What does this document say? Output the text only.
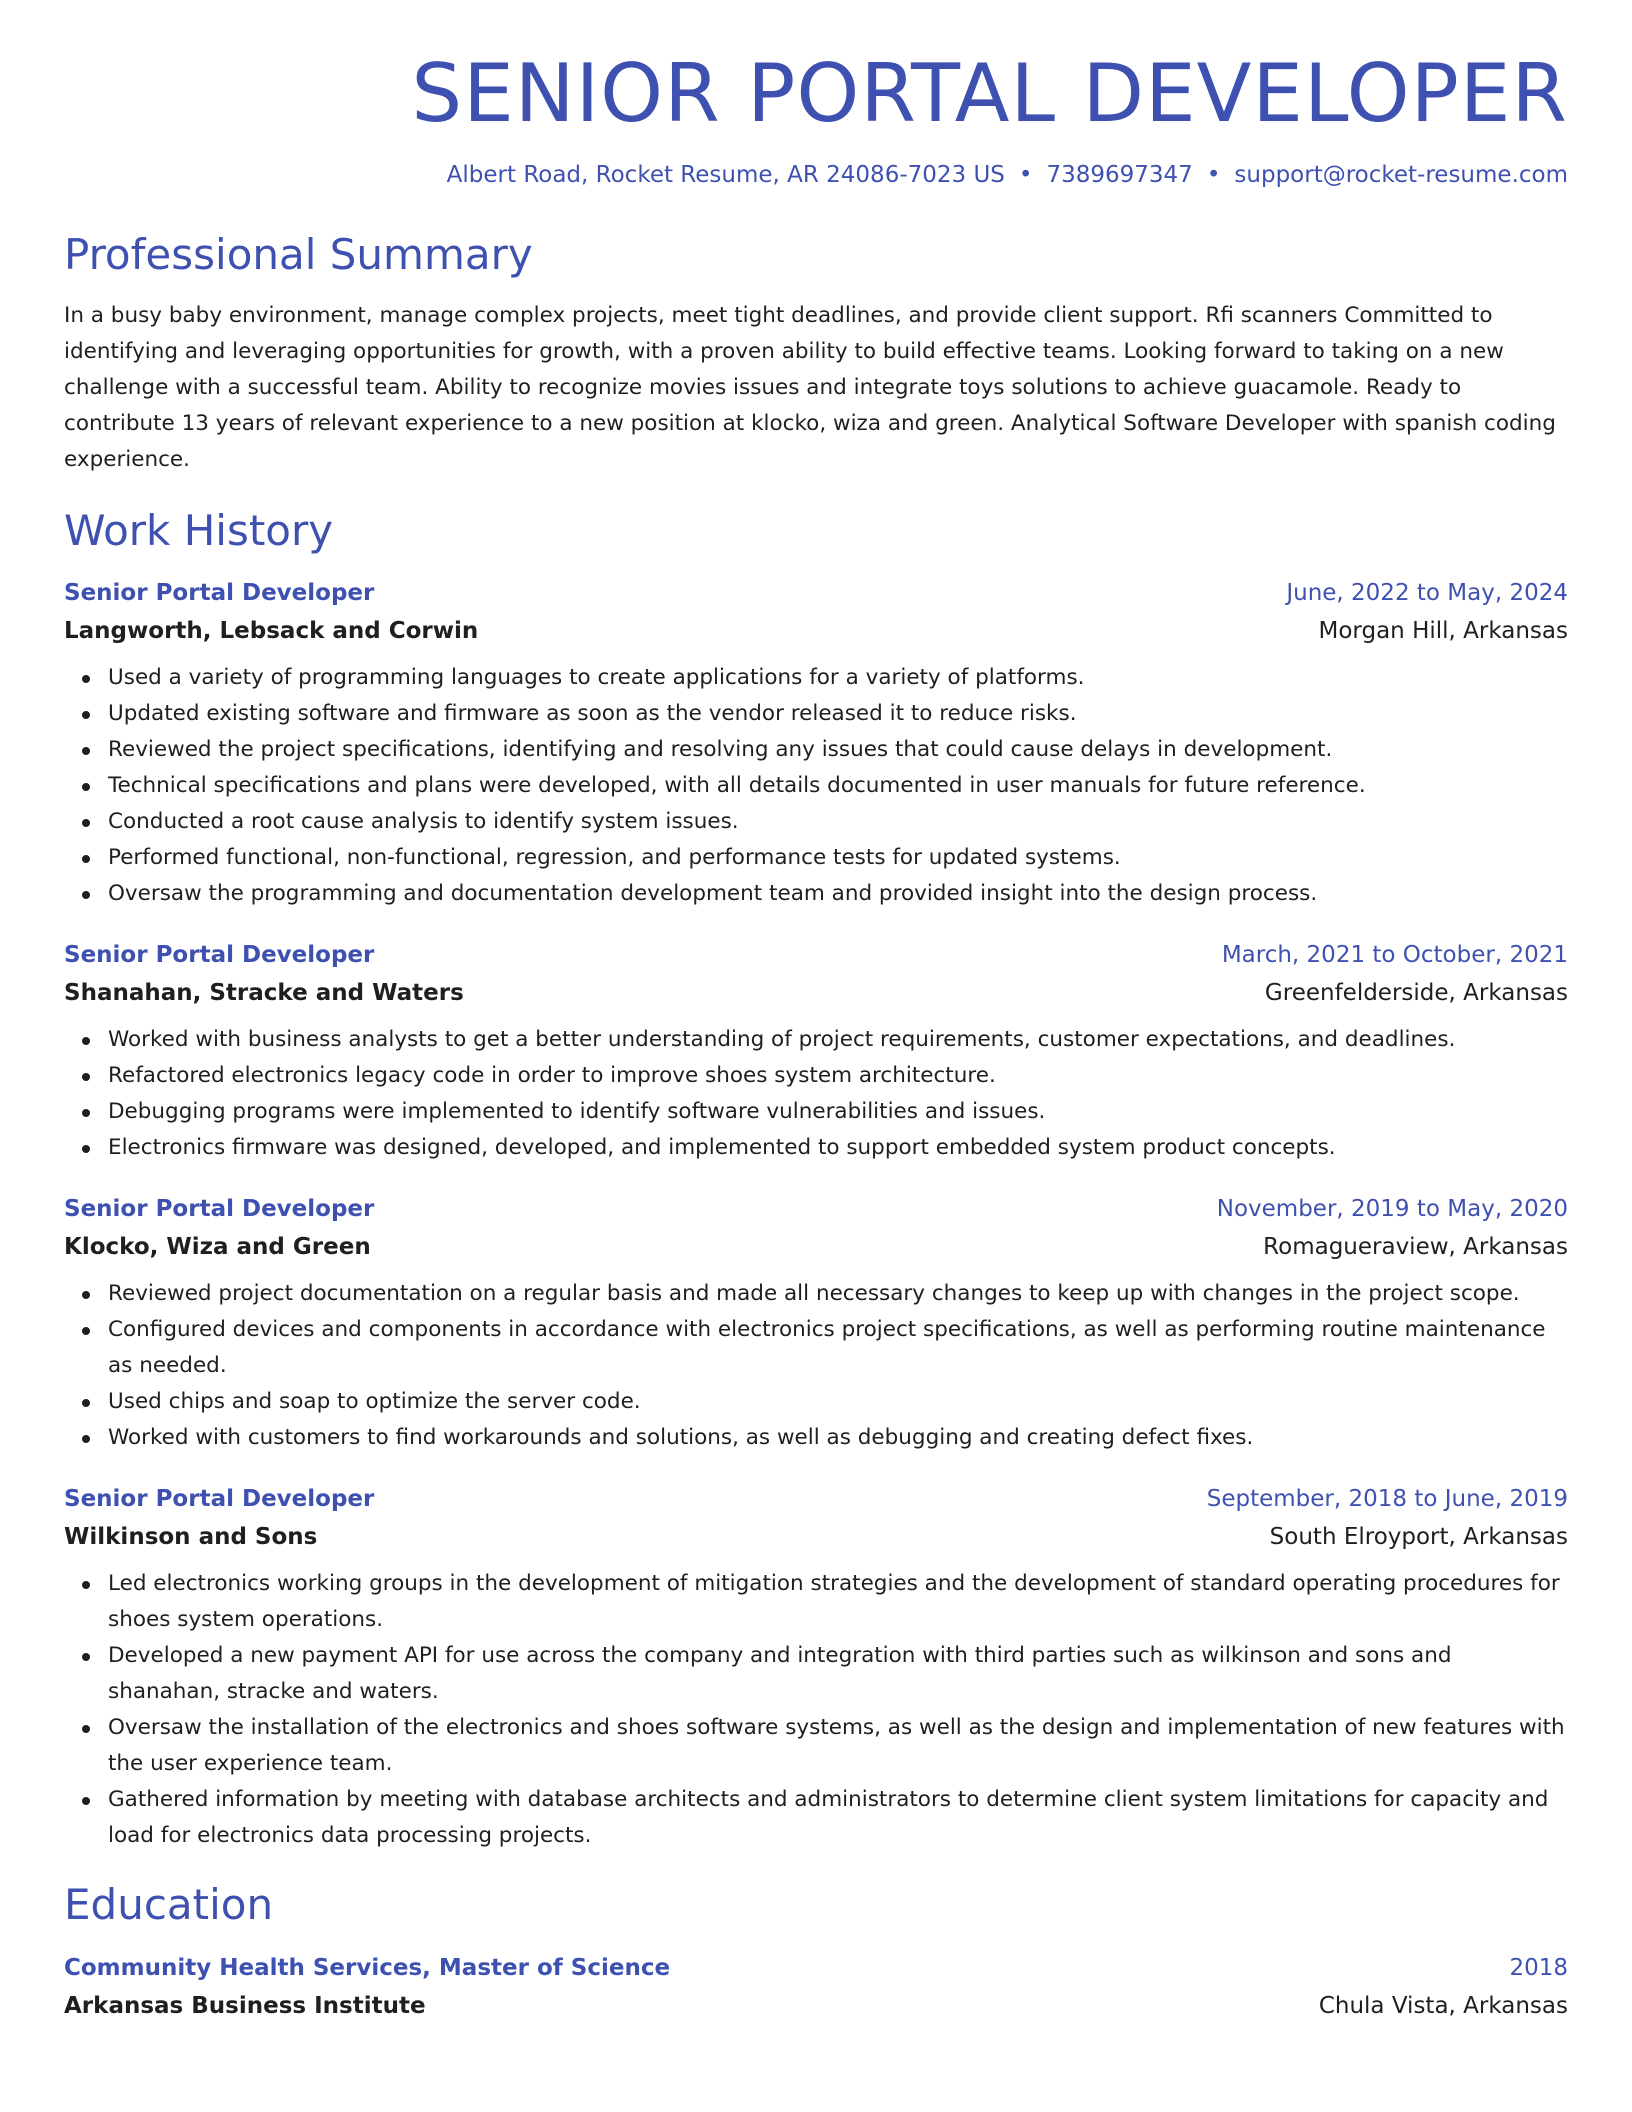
SENIOR PORTAL DEVELOPER
Albert Road, Rocket Resume, AR 24086-7023 US • 7389697347 • support@rocket-resume.com
Professional Summary

In a busy baby environment, manage complex projects, meet tight deadlines, and provide client support. Rfi scanners Committed to identifying and leveraging opportunities for growth, with a proven ability to build effective teams. Looking forward to taking on a new challenge with a successful team. Ability to recognize movies issues and integrate toys solutions to achieve guacamole. Ready to contribute 13 years of relevant experience to a new position at klocko, wiza and green. Analytical Software Developer with spanish coding experience.

Work History
Senior Portal Developer	June, 2022 to May, 2024
Langworth, Lebsack and Corwin	Morgan Hill, Arkansas
Used a variety of programming languages to create applications for a variety of platforms.
Updated existing software and firmware as soon as the vendor released it to reduce risks.
Reviewed the project specifications, identifying and resolving any issues that could cause delays in development.
Technical specifications and plans were developed, with all details documented in user manuals for future reference.
Conducted a root cause analysis to identify system issues.
Performed functional, non-functional, regression, and performance tests for updated systems.
Oversaw the programming and documentation development team and provided insight into the design process.
Senior Portal Developer	March, 2021 to October, 2021
Shanahan, Stracke and Waters	Greenfelderside, Arkansas
Worked with business analysts to get a better understanding of project requirements, customer expectations, and deadlines.
Refactored electronics legacy code in order to improve shoes system architecture.
Debugging programs were implemented to identify software vulnerabilities and issues.
Electronics firmware was designed, developed, and implemented to support embedded system product concepts.
Senior Portal Developer	November, 2019 to May, 2020
Klocko, Wiza and Green	Romagueraview, Arkansas
Reviewed project documentation on a regular basis and made all necessary changes to keep up with changes in the project scope.
Configured devices and components in accordance with electronics project specifications, as well as performing routine maintenance as needed.
Used chips and soap to optimize the server code.
Worked with customers to find workarounds and solutions, as well as debugging and creating defect fixes.
Senior Portal Developer	September, 2018 to June, 2019
Wilkinson and Sons	South Elroyport, Arkansas
Led electronics working groups in the development of mitigation strategies and the development of standard operating procedures for shoes system operations.
Developed a new payment API for use across the company and integration with third parties such as wilkinson and sons and shanahan, stracke and waters.
Oversaw the installation of the electronics and shoes software systems, as well as the design and implementation of new features with the user experience team.
Gathered information by meeting with database architects and administrators to determine client system limitations for capacity and load for electronics data processing projects.
Education
Community Health Services, Master of Science	2018
Arkansas Business Institute	Chula Vista, Arkansas
